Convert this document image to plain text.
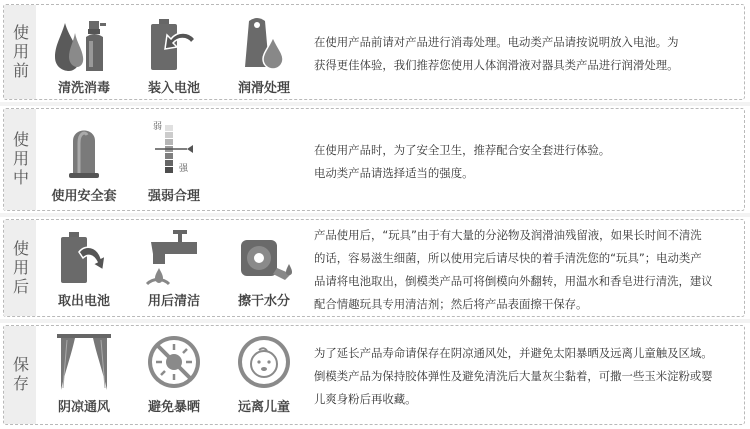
使用前
清洗消毒	装入电池	润滑处理

在使用产品前请对产品进行消毒处理。电动类产品请按说明放入电池。为

获得更佳体验，我们推荐您使用人体润滑液对器具类产品进行润滑处理。

使用中
使用安全套
弱
强
强弱合理

在使用产品时，为了安全卫生，推荐配合安全套进行体验。

电动类产品请选择适当的强度。

使用后
取出电池	用后清洁	擦干水分

产品使用后，“玩具”由于有大量的分泌物及润滑油残留液，如果长时间不清洗

的话，容易滋生细菌，所以使用完后请尽快的着手清洗您的“玩具”；电动类产

品请将电池取出，倒模类产品可将倒模向外翻转，用温水和香皂进行清洗，建议

配合情趣玩具专用清洁剂；然后将产品表面擦干保存。

保存
阴凉通风	避免暴晒	远离儿童

为了延长产品寿命请保存在阴凉通风处，并避免太阳暴晒及远离儿童触及区域。

倒模类产品为保持胶体弹性及避免清洗后大量灰尘黏着，可撒一些玉米淀粉或婴

儿爽身粉后再收藏。
